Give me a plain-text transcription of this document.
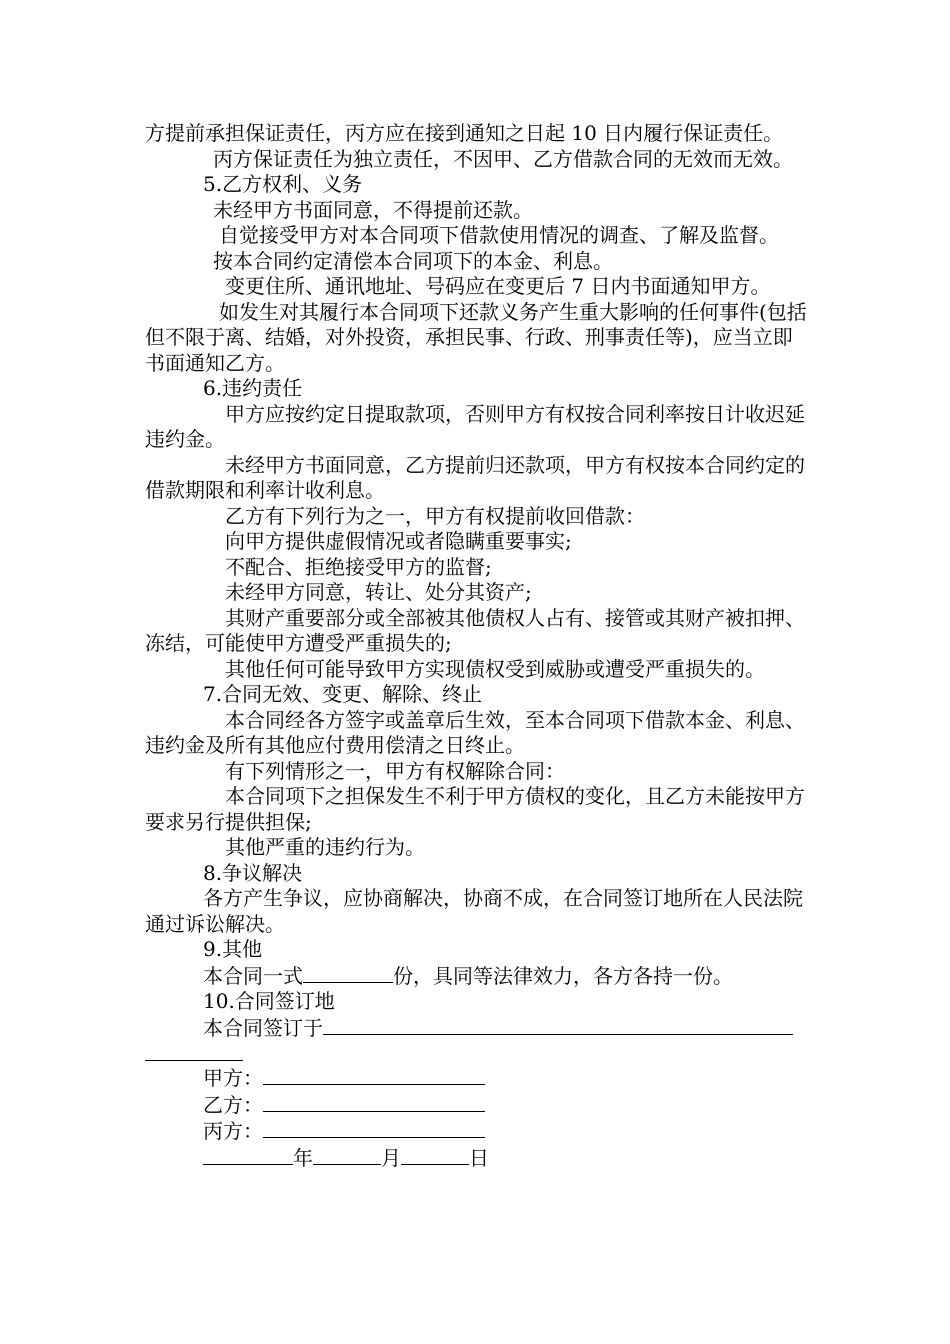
方提前承担保证责任，丙方应在接到通知之日起 10 日内履行保证责任。

丙方保证责任为独立责任，不因甲、乙方借款合同的无效而无效。

5.乙方权利、义务

未经甲方书面同意，不得提前还款。

自觉接受甲方对本合同项下借款使用情况的调查、了解及监督。

按本合同约定清偿本合同项下的本金、利息。

变更住所、通讯地址、号码应在变更后 7 日内书面通知甲方。

如发生对其履行本合同项下还款义务产生重大影响的任何事件(包括但不限于离、结婚，对外投资，承担民事、行政、刑事责任等)，应当立即书面通知乙方。

6.违约责任

甲方应按约定日提取款项，否则甲方有权按合同利率按日计收迟延违约金。

未经甲方书面同意，乙方提前归还款项，甲方有权按本合同约定的借款期限和利率计收利息。

乙方有下列行为之一，甲方有权提前收回借款：

向甲方提供虚假情况或者隐瞒重要事实;

不配合、拒绝接受甲方的监督;

未经甲方同意，转让、处分其资产;

其财产重要部分或全部被其他债权人占有、接管或其财产被扣押、冻结，可能使甲方遭受严重损失的;

其他任何可能导致甲方实现债权受到威胁或遭受严重损失的。

7.合同无效、变更、解除、终止

本合同经各方签字或盖章后生效，至本合同项下借款本金、利息、违约金及所有其他应付费用偿清之日终止。

有下列情形之一，甲方有权解除合同：

本合同项下之担保发生不利于甲方债权的变化，且乙方未能按甲方要求另行提供担保;

其他严重的违约行为。

8.争议解决

各方产生争议，应协商解决，协商不成，在合同签订地所在人民法院通过诉讼解决。

9.其他

本合同一式	份，具同等法律效力，各方各持一份。

10.合同签订地

本合同签订于

甲方：
乙方：
丙方：
年	月	日
